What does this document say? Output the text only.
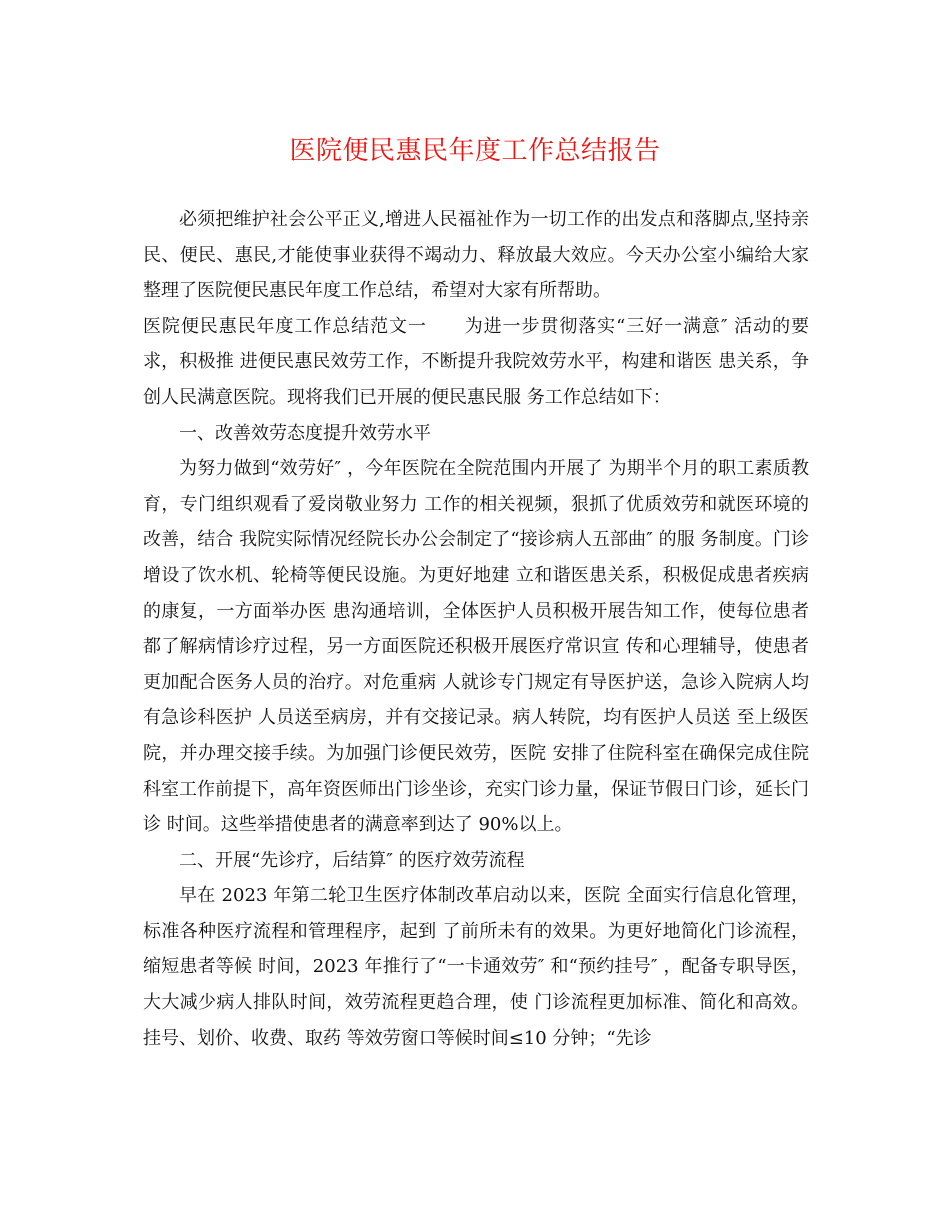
医院便民惠民年度工作总结报告

必须把维护社会公平正义,增进人民福祉作为一切工作的出发点和落脚点,坚持亲民、便民、惠民,才能使事业获得不竭动力、释放最大效应。今天办公室小编给大家整理了医院便民惠民年度工作总结，希望对大家有所帮助。

医院便民惠民年度工作总结范文一　　为进一步贯彻落实“三好一满意″ 活动的要求，积极推 进便民惠民效劳工作，不断提升我院效劳水平，构建和谐医 患关系，争创人民满意医院。现将我们已开展的便民惠民服 务工作总结如下：

一、改善效劳态度提升效劳水平

为努力做到“效劳好″ ，今年医院在全院范围内开展了 为期半个月的职工素质教育，专门组织观看了爱岗敬业努力 工作的相关视频，狠抓了优质效劳和就医环境的改善，结合 我院实际情况经院长办公会制定了“接诊病人五部曲″ 的服 务制度。门诊增设了饮水机、轮椅等便民设施。为更好地建 立和谐医患关系，积极促成患者疾病的康复，一方面举办医 患沟通培训，全体医护人员积极开展告知工作，使每位患者 都了解病情诊疗过程，另一方面医院还积极开展医疗常识宣 传和心理辅导，使患者更加配合医务人员的治疗。对危重病 人就诊专门规定有导医护送，急诊入院病人均有急诊科医护 人员送至病房，并有交接记录。病人转院，均有医护人员送 至上级医院，并办理交接手续。为加强门诊便民效劳，医院 安排了住院科室在确保完成住院科室工作前提下，高年资医师出门诊坐诊，充实门诊力量，保证节假日门诊，延长门诊 时间。这些举措使患者的满意率到达了 90%以上。

二、开展“先诊疗，后结算″ 的医疗效劳流程

早在 2023 年第二轮卫生医疗体制改革启动以来，医院 全面实行信息化管理，标准各种医疗流程和管理程序，起到 了前所未有的效果。为更好地简化门诊流程，缩短患者等候 时间，2023 年推行了“一卡通效劳″ 和“预约挂号″ ，配备专职导医，大大减少病人排队时间，效劳流程更趋合理，使 门诊流程更加标准、简化和高效。挂号、划价、收费、取药 等效劳窗口等候时间≤10 分钟；“先诊
